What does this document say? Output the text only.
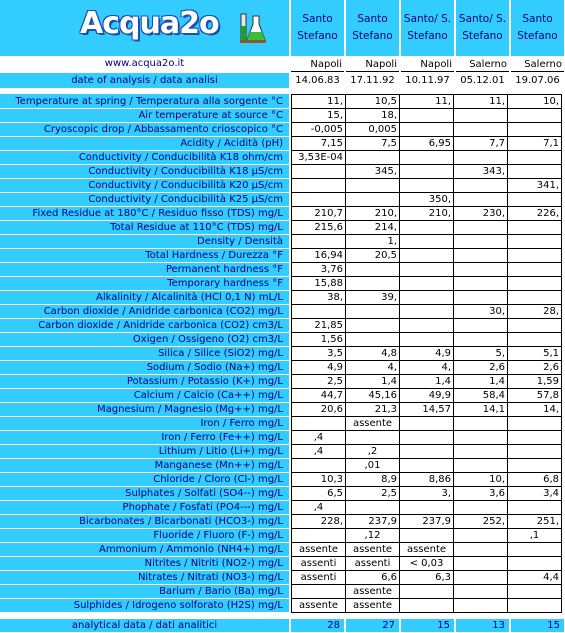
Acqua2o
www.acqua2o.it
date of analysis / data analisi
Santo
Stefano
Santo
Stefano
Santo/ S.
Stefano
Santo/ S.
Stefano
Santo
Stefano
Napoli	Napoli	Napoli	Salerno	Salerno
14.06.83	17.11.92	10.11.97	05.12.01	19.07.06
Temperature at spring / Temperatura alla sorgente °C	11,	10,5	11,	11,	10,
Air temperature at source °C	15,	18,			
Cryoscopic drop / Abbassamento crioscopico °C	-0,005	0,005			
Acidity / Acidità (pH)	7,15	7,5	6,95	7,7	7,1
Conductivity / Conducibilità K18 ohm/cm	3,53E-04				
Conductivity / Conducibilità K18 µS/cm		345,		343,	
Conductivity / Conducibilità K20 µS/cm					341,
Conductivity / Conducibilità K25 µS/cm			350,		
Fixed Residue at 180°C / Residuo fisso (TDS) mg/L	210,7	210,	210,	230,	226,
Total Residue at 110°C (TDS) mg/L	215,6	214,			
Density / Densità		1,			
Total Hardness / Durezza °F	16,94	20,5			
Permanent hardness °F	3,76				
Temporary hardness °F	15,88				
Alkalinity / Alcalinità (HCl 0,1 N) mL/L	38,	39,			
Carbon dioxide / Anidride carbonica (CO2) mg/L				30,	28,
Carbon dioxide / Anidride carbonica (CO2) cm3/L	21,85				
Oxigen / Ossigeno (O2) cm3/L	1,56				
Silica / Silice (SiO2) mg/L	3,5	4,8	4,9	5,	5,1
Sodium / Sodio (Na+) mg/L	4,9	4,	4,	2,6	2,6
Potassium / Potassio (K+) mg/L	2,5	1,4	1,4	1,4	1,59
Calcium / Calcio (Ca++) mg/L	44,7	45,16	49,9	58,4	57,8
Magnesium / Magnesio (Mg++) mg/L	20,6	21,3	14,57	14,1	14,
Iron / Ferro mg/L		assente			
Iron / Ferro (Fe++) mg/L	,4				
Lithium / Litio (Li+) mg/L	,4	,2			
Manganese (Mn++) mg/L		,01			
Chloride / Cloro (Cl-) mg/L	10,3	8,9	8,86	10,	6,8
Sulphates / Solfati (SO4--) mg/L	6,5	2,5	3,	3,6	3,4
Phophate / Fosfati (PO4---) mg/L	,4				
Bicarbonates / Bicarbonati (HCO3-) mg/L	228,	237,9	237,9	252,	251,
Fluoride / Fluoro (F-) mg/L		,12			,1
Ammonium / Ammonio (NH4+) mg/L	assente	assente	assente		
Nitrites / Nitriti (NO2-) mg/L	assenti	assenti	< 0,03		
Nitrates / Nitrati (NO3-) mg/L	assenti	6,6	6,3		4,4
Barium / Bario (Ba) mg/L		assente			
Sulphides / Idrogeno solforato (H2S) mg/L	assente	assente			
analytical data / dati analitici	28	27	15	13	15
